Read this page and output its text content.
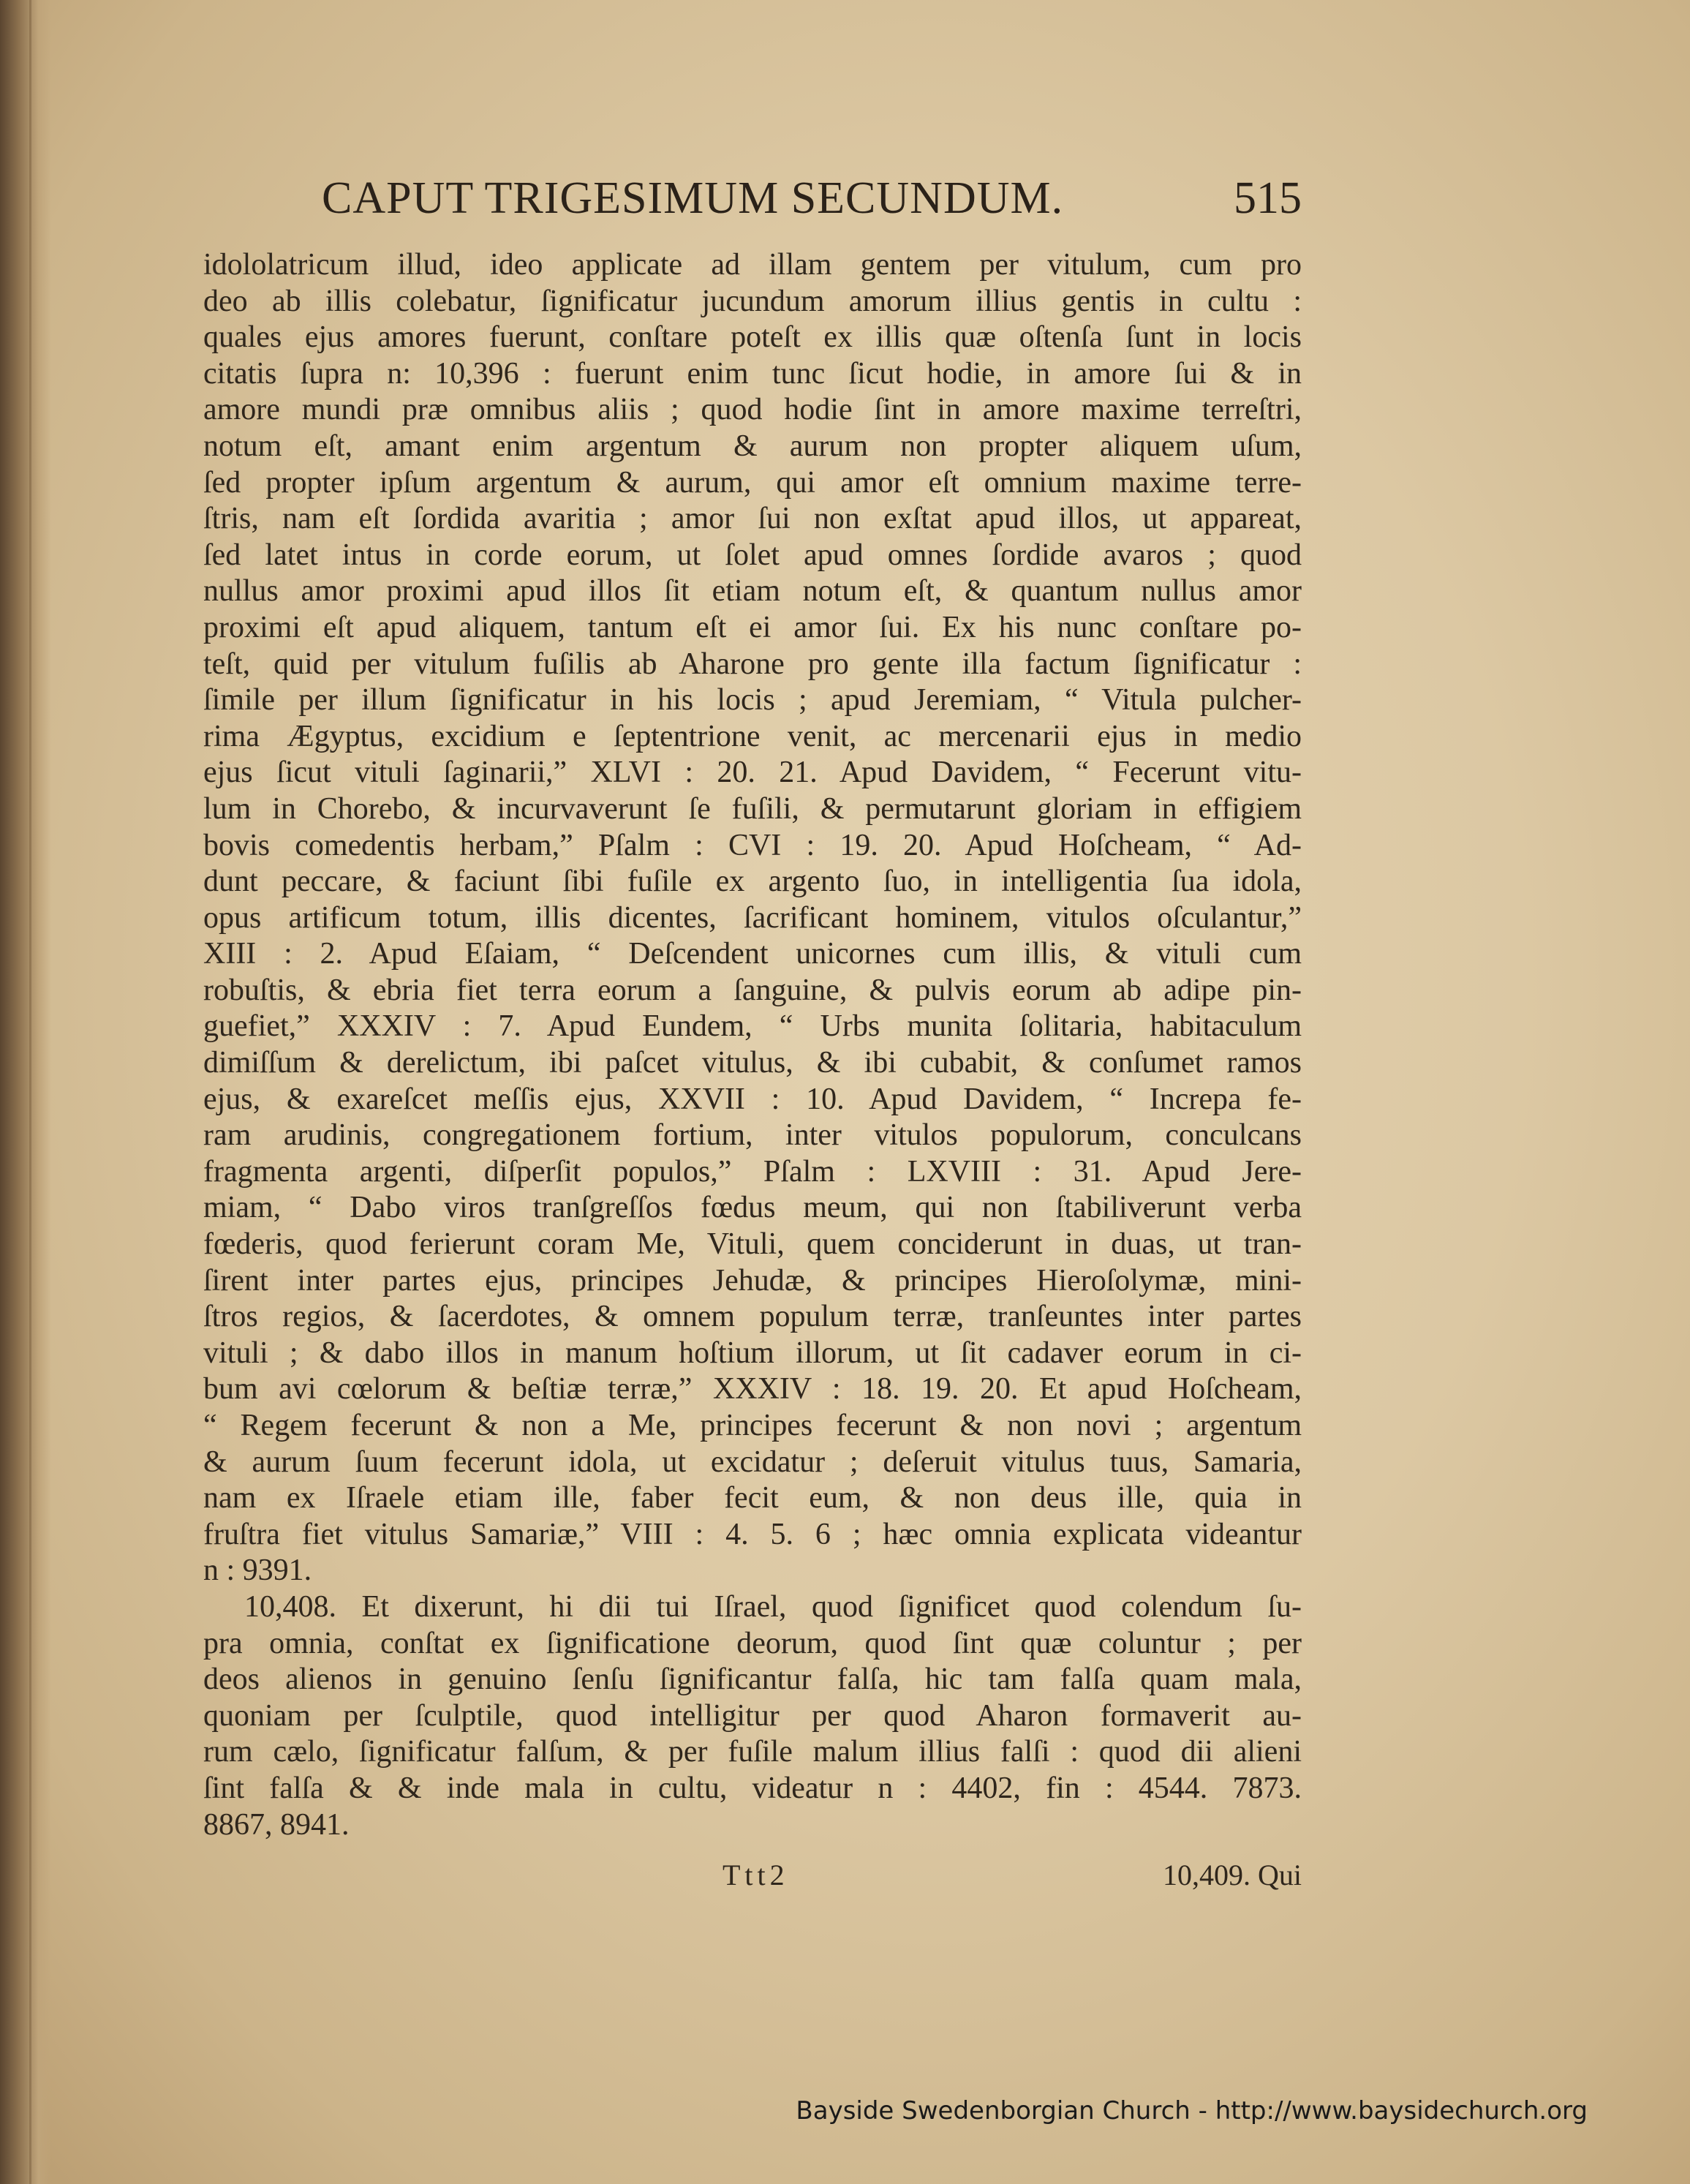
CAPUT TRIGESIMUM SECUNDUM.	515

idololatricum illud, ideo applicate ad illam gentem per vitulum, cum pro
deo ab illis colebatur, ſignificatur jucundum amorum illius gentis in cultu :
quales ejus amores fuerunt, conſtare poteſt ex illis quæ oſtenſa ſunt in locis
citatis ſupra n: 10,396 : fuerunt enim tunc ſicut hodie, in amore ſui & in
amore mundi præ omnibus aliis ; quod hodie ſint in amore maxime terreſtri,
notum eſt, amant enim argentum & aurum non propter aliquem uſum,
ſed propter ipſum argentum & aurum, qui amor eſt omnium maxime terre-
ſtris, nam eſt ſordida avaritia ; amor ſui non exſtat apud illos, ut appareat,
ſed latet intus in corde eorum, ut ſolet apud omnes ſordide avaros ; quod
nullus amor proximi apud illos ſit etiam notum eſt, & quantum nullus amor
proximi eſt apud aliquem, tantum eſt ei amor ſui. Ex his nunc conſtare po-
teſt, quid per vitulum fuſilis ab Aharone pro gente illa factum ſignificatur :
ſimile per illum ſignificatur in his locis ; apud Jeremiam, “ Vitula pulcher-
rima Ægyptus, excidium e ſeptentrione venit, ac mercenarii ejus in medio
ejus ſicut vituli ſaginarii,” XLVI : 20. 21. Apud Davidem, “ Fecerunt vitu-
lum in Chorebo, & incurvaverunt ſe fuſili, & permutarunt gloriam in effigiem
bovis comedentis herbam,” Pſalm : CVI : 19. 20. Apud Hoſcheam, “ Ad-
dunt peccare, & faciunt ſibi fuſile ex argento ſuo, in intelligentia ſua idola,
opus artificum totum, illis dicentes, ſacrificant hominem, vitulos oſculantur,”
XIII : 2. Apud Eſaiam, “ Deſcendent unicornes cum illis, & vituli cum
robuſtis, & ebria fiet terra eorum a ſanguine, & pulvis eorum ab adipe pin-
guefiet,” XXXIV : 7. Apud Eundem, “ Urbs munita ſolitaria, habitaculum
dimiſſum & derelictum, ibi paſcet vitulus, & ibi cubabit, & conſumet ramos
ejus, & exareſcet meſſis ejus, XXVII : 10. Apud Davidem, “ Increpa fe-
ram arudinis, congregationem fortium, inter vitulos populorum, conculcans
fragmenta argenti, diſperſit populos,” Pſalm : LXVIII : 31. Apud Jere-
miam, “ Dabo viros tranſgreſſos fœdus meum, qui non ſtabiliverunt verba
fœderis, quod ferierunt coram Me, Vituli, quem conciderunt in duas, ut tran-
ſirent inter partes ejus, principes Jehudæ, & principes Hieroſolymæ, mini-
ſtros regios, & ſacerdotes, & omnem populum terræ, tranſeuntes inter partes
vituli ; & dabo illos in manum hoſtium illorum, ut ſit cadaver eorum in ci-
bum avi cœlorum & beſtiæ terræ,” XXXIV : 18. 19. 20. Et apud Hoſcheam,
“ Regem fecerunt & non a Me, principes fecerunt & non novi ; argentum
& aurum ſuum fecerunt idola, ut excidatur ; deſeruit vitulus tuus, Samaria,
nam ex Iſraele etiam ille, faber fecit eum, & non deus ille, quia in
fruſtra fiet vitulus Samariæ,” VIII : 4. 5. 6 ; hæc omnia explicata videantur
n : 9391.

10,408. Et dixerunt, hi dii tui Iſrael, quod ſignificet quod colendum ſu-
pra omnia, conſtat ex ſignificatione deorum, quod ſint quæ coluntur ; per
deos alienos in genuino ſenſu ſignificantur falſa, hic tam falſa quam mala,
quoniam per ſculptile, quod intelligitur per quod Aharon formaverit au-
rum cælo, ſignificatur falſum, & per fuſile malum illius falſi : quod dii alieni
ſint falſa & & inde mala in cultu, videatur n : 4402, fin : 4544. 7873.
8867, 8941.

Ttt2	10,409. Qui
Bayside Swedenborgian Church - http://www.baysidechurch.org
